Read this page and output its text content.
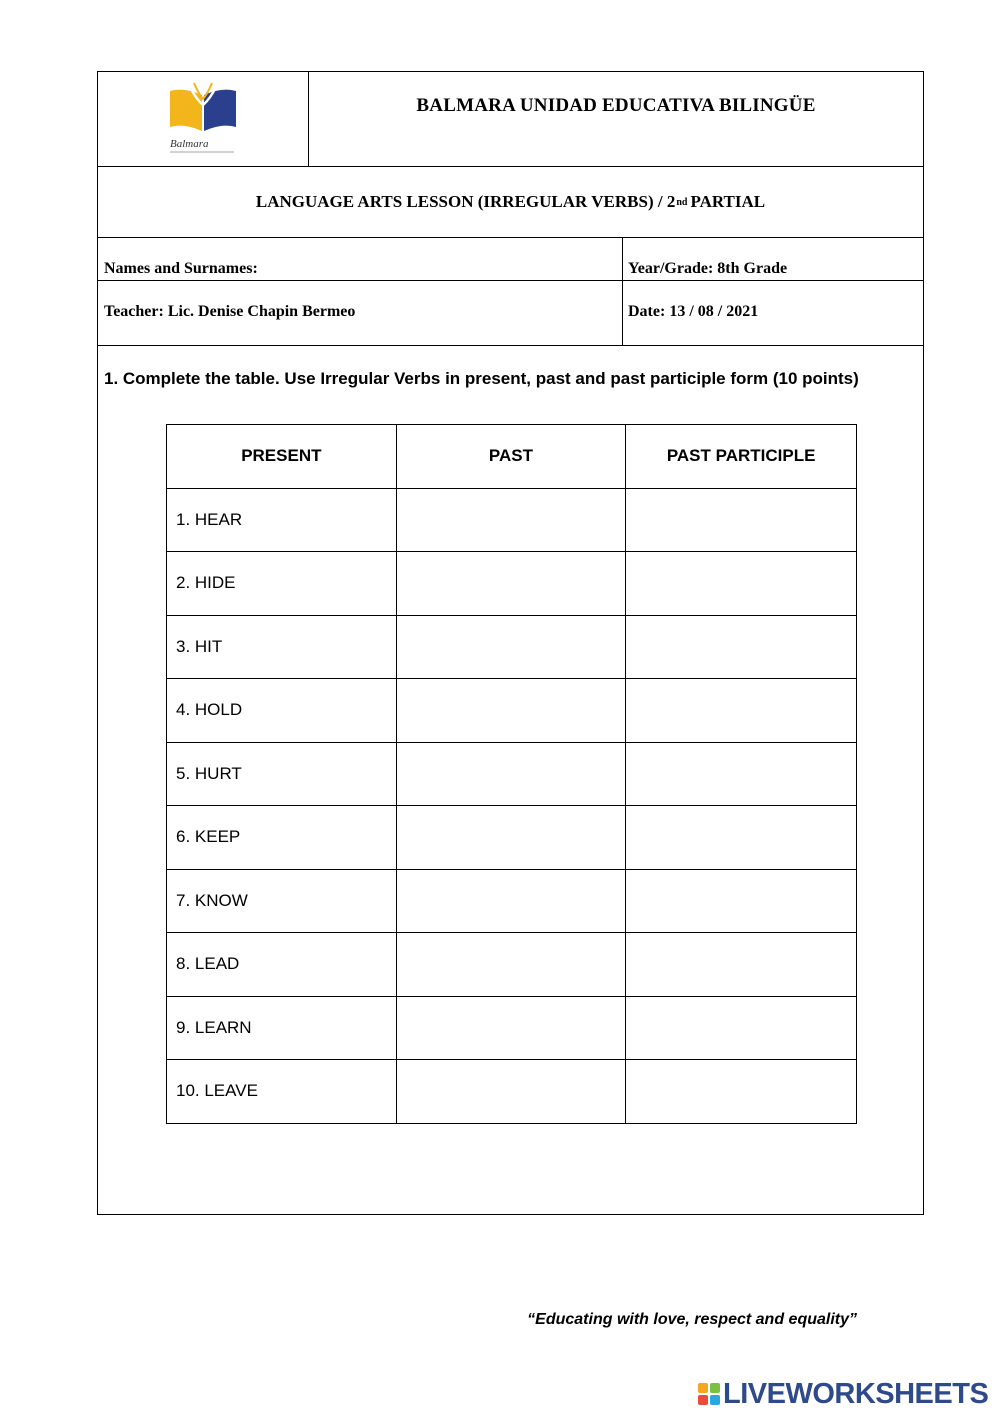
Balmara
BALMARA UNIDAD EDUCATIVA BILINGÜE
LANGUAGE ARTS LESSON (IRREGULAR VERBS) / 2 nd PARTIAL
Names and Surnames:	Year/Grade: 8th Grade
Teacher: Lic. Denise Chapin Bermeo	Date: 13 / 08 / 2021
1. Complete the table. Use Irregular Verbs in present, past and past participle form (10 points)
PRESENT	PAST	PAST PARTICIPLE
1. HEAR		
2. HIDE		
3. HIT		
4. HOLD		
5. HURT		
6. KEEP		
7. KNOW		
8. LEAD		
9. LEARN		
10. LEAVE		
“Educating with love, respect and equality”
LIVEWORKSHEETS
